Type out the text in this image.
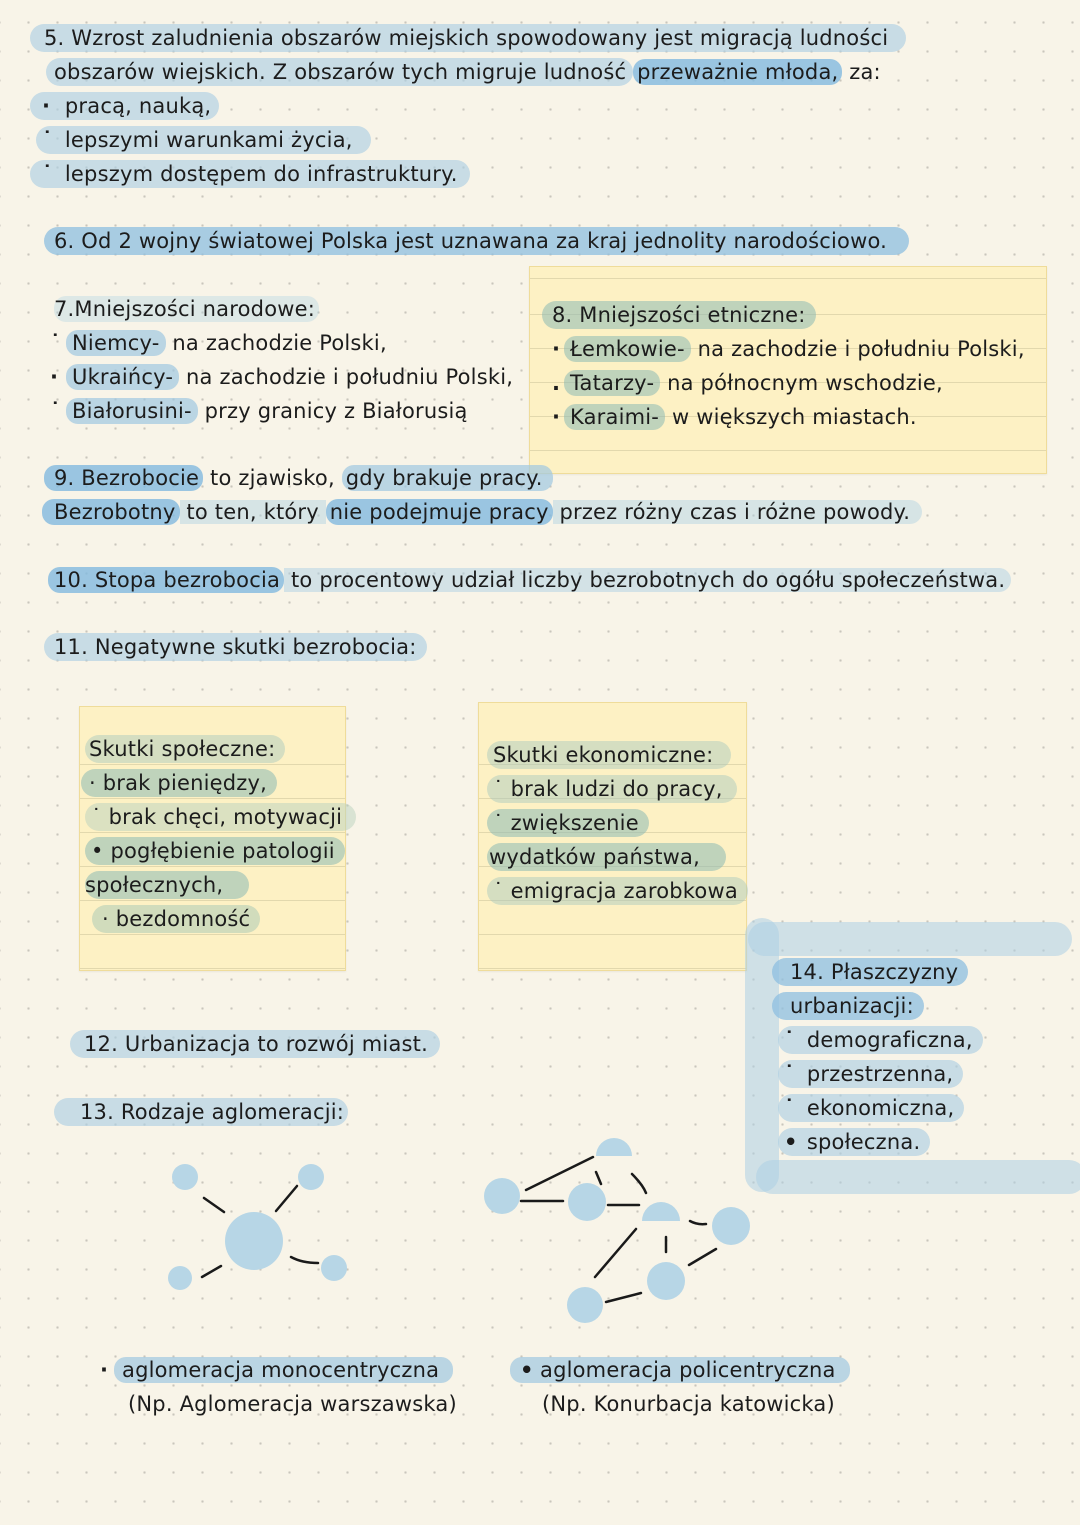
5. Wzrost zaludnienia obszarów miejskich spowodowany jest migracją ludności
obszarów wiejskich. Z obszarów tych migruje ludność przeważnie młoda, za:
· pracą, nauką,
˙ lepszymi warunkami życia,
˙ lepszym dostępem do infrastruktury.
6. Od 2 wojny światowej Polska jest uznawana za kraj jednolity narodościowo.
7.Mniejszości narodowe:
˙ Niemcy- na zachodzie Polski,
· Ukraińcy- na zachodzie i południu Polski,
˙ Białorusini- przy granicy z Białorusią
8. Mniejszości etniczne:
· Łemkowie- na zachodzie i południu Polski,
. Tatarzy- na północnym wschodzie,
· Karaimi- w większych miastach.
9. Bezrobocie to zjawisko, gdy brakuje pracy.
Bezrobotny to ten, który nie podejmuje pracy przez różny czas i różne powody.
10. Stopa bezrobocia to procentowy udział liczby bezrobotnych do ogółu społeczeństwa.
11. Negatywne skutki bezrobocia:
Skutki społeczne:
· brak pieniędzy,
˙ brak chęci, motywacji
• pogłębienie patologii
społecznych,
· bezdomność
Skutki ekonomiczne:
˙ brak ludzi do pracy,
˙ zwiększenie
wydatków państwa,
˙ emigracja zarobkowa
14. Płaszczyzny
urbanizacji:
˙ demograficzna,
˙ przestrzenna,
˙ ekonomiczna,
• społeczna.
12. Urbanizacja to rozwój miast.
13. Rodzaje aglomeracji:
· aglomeracja monocentryczna
(Np. Aglomeracja warszawska)
• aglomeracja policentryczna
(Np. Konurbacja katowicka)
